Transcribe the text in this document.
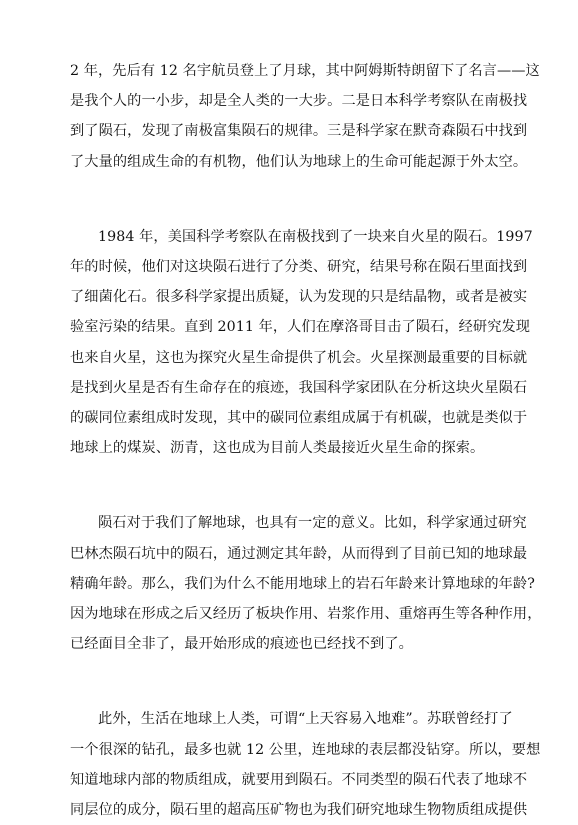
2 年，先后有 12 名宇航员登上了月球，其中阿姆斯特朗留下了名言——这
是我个人的一小步，却是全人类的一大步。二是日本科学考察队在南极找
到了陨石，发现了南极富集陨石的规律。三是科学家在默奇森陨石中找到
了大量的组成生命的有机物，他们认为地球上的生命可能起源于外太空。
1984 年，美国科学考察队在南极找到了一块来自火星的陨石。1997
年的时候，他们对这块陨石进行了分类、研究，结果号称在陨石里面找到
了细菌化石。很多科学家提出质疑，认为发现的只是结晶物，或者是被实
验室污染的结果。直到 2011 年，人们在摩洛哥目击了陨石，经研究发现
也来自火星，这也为探究火星生命提供了机会。火星探测最重要的目标就
是找到火星是否有生命存在的痕迹，我国科学家团队在分析这块火星陨石
的碳同位素组成时发现，其中的碳同位素组成属于有机碳，也就是类似于
地球上的煤炭、沥青，这也成为目前人类最接近火星生命的探索。
陨石对于我们了解地球，也具有一定的意义。比如，科学家通过研究
巴林杰陨石坑中的陨石，通过测定其年龄，从而得到了目前已知的地球最
精确年龄。那么，我们为什么不能用地球上的岩石年龄来计算地球的年龄?
因为地球在形成之后又经历了板块作用、岩浆作用、重熔再生等各种作用，
已经面目全非了，最开始形成的痕迹也已经找不到了。
此外，生活在地球上人类，可谓“上天容易入地难”。苏联曾经打了
一个很深的钻孔，最多也就 12 公里，连地球的表层都没钻穿。所以，要想
知道地球内部的物质组成，就要用到陨石。不同类型的陨石代表了地球不
同层位的成分，陨石里的超高压矿物也为我们研究地球生物物质组成提供
